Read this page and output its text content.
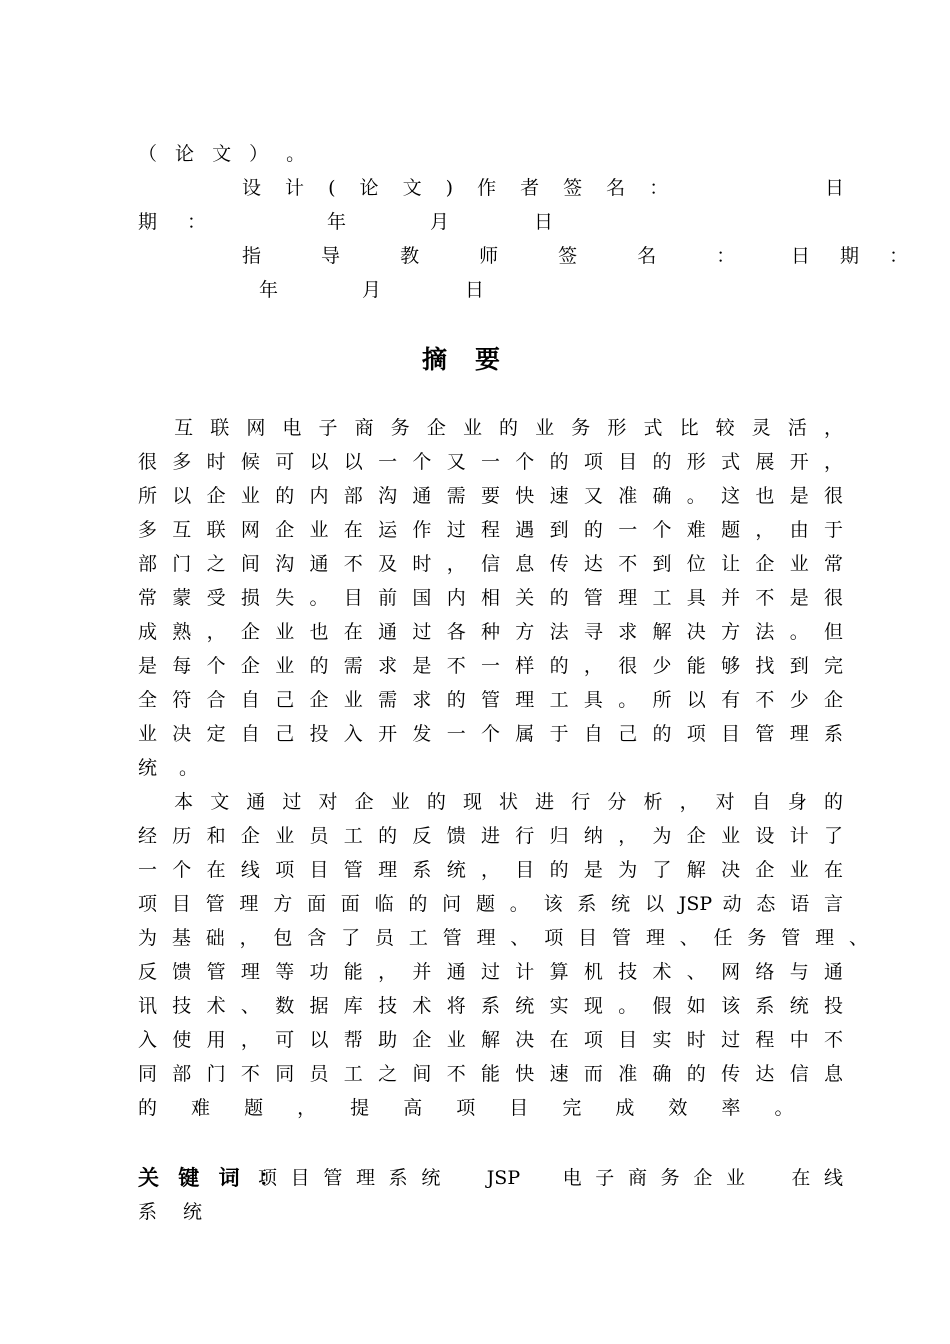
（ 论 文 ） 。
设 计 ( 论 文 ) 作 者 签 名 ：	日
期 ：	年	月	日
指 导 教 师 签 名 ： 日 期 ：
年	月	日
摘要
　 互 联 网 电 子 商 务 企 业 的 业 务 形 式 比 较 灵 活 ，
很 多 时 候 可 以 以 一 个 又 一 个 的 项 目 的 形 式 展 开 ，
所 以 企 业 的 内 部 沟 通 需 要 快 速 又 准 确 。 这 也 是 很
多 互 联 网 企 业 在 运 作 过 程 遇 到 的 一 个 难 题 ， 由 于
部 门 之 间 沟 通 不 及 时 ， 信 息 传 达 不 到 位 让 企 业 常
常 蒙 受 损 失 。 目 前 国 内 相 关 的 管 理 工 具 并 不 是 很
成 熟 ， 企 业 也 在 通 过 各 种 方 法 寻 求 解 决 方 法 。 但
是 每 个 企 业 的 需 求 是 不 一 样 的 ， 很 少 能 够 找 到 完
全 符 合 自 己 企 业 需 求 的 管 理 工 具 。 所 以 有 不 少 企
业 决 定 自 己 投 入 开 发 一 个 属 于 自 己 的 项 目 管 理 系
统 。
　 本 文 通 过 对 企 业 的 现 状 进 行 分 析 ， 对 自 身 的
经 历 和 企 业 员 工 的 反 馈 进 行 归 纳 ， 为 企 业 设 计 了
一 个 在 线 项 目 管 理 系 统 ， 目 的 是 为 了 解 决 企 业 在
项 目 管 理 方 面 面 临 的 问 题 。 该 系 统 以 JSP 动 态 语 言
为 基 础 ， 包 含 了 员 工 管 理 、 项 目 管 理 、 任 务 管 理 、
反 馈 管 理 等 功 能 ， 并 通 过 计 算 机 技 术 、 网 络 与 通
讯 技 术 、 数 据 库 技 术 将 系 统 实 现 。 假 如 该 系 统 投
入 使 用 ， 可 以 帮 助 企 业 解 决 在 项 目 实 时 过 程 中 不
同 部 门 不 同 员 工 之 间 不 能 快 速 而 准 确 的 传 达 信 息
的 难 题 ， 提 高 项 目 完 成 效 率 。
关 键 词 ：
项 目 管 理 系 统 　 JSP 　 电 子 商 务 企 业 　 在 线
系 统
